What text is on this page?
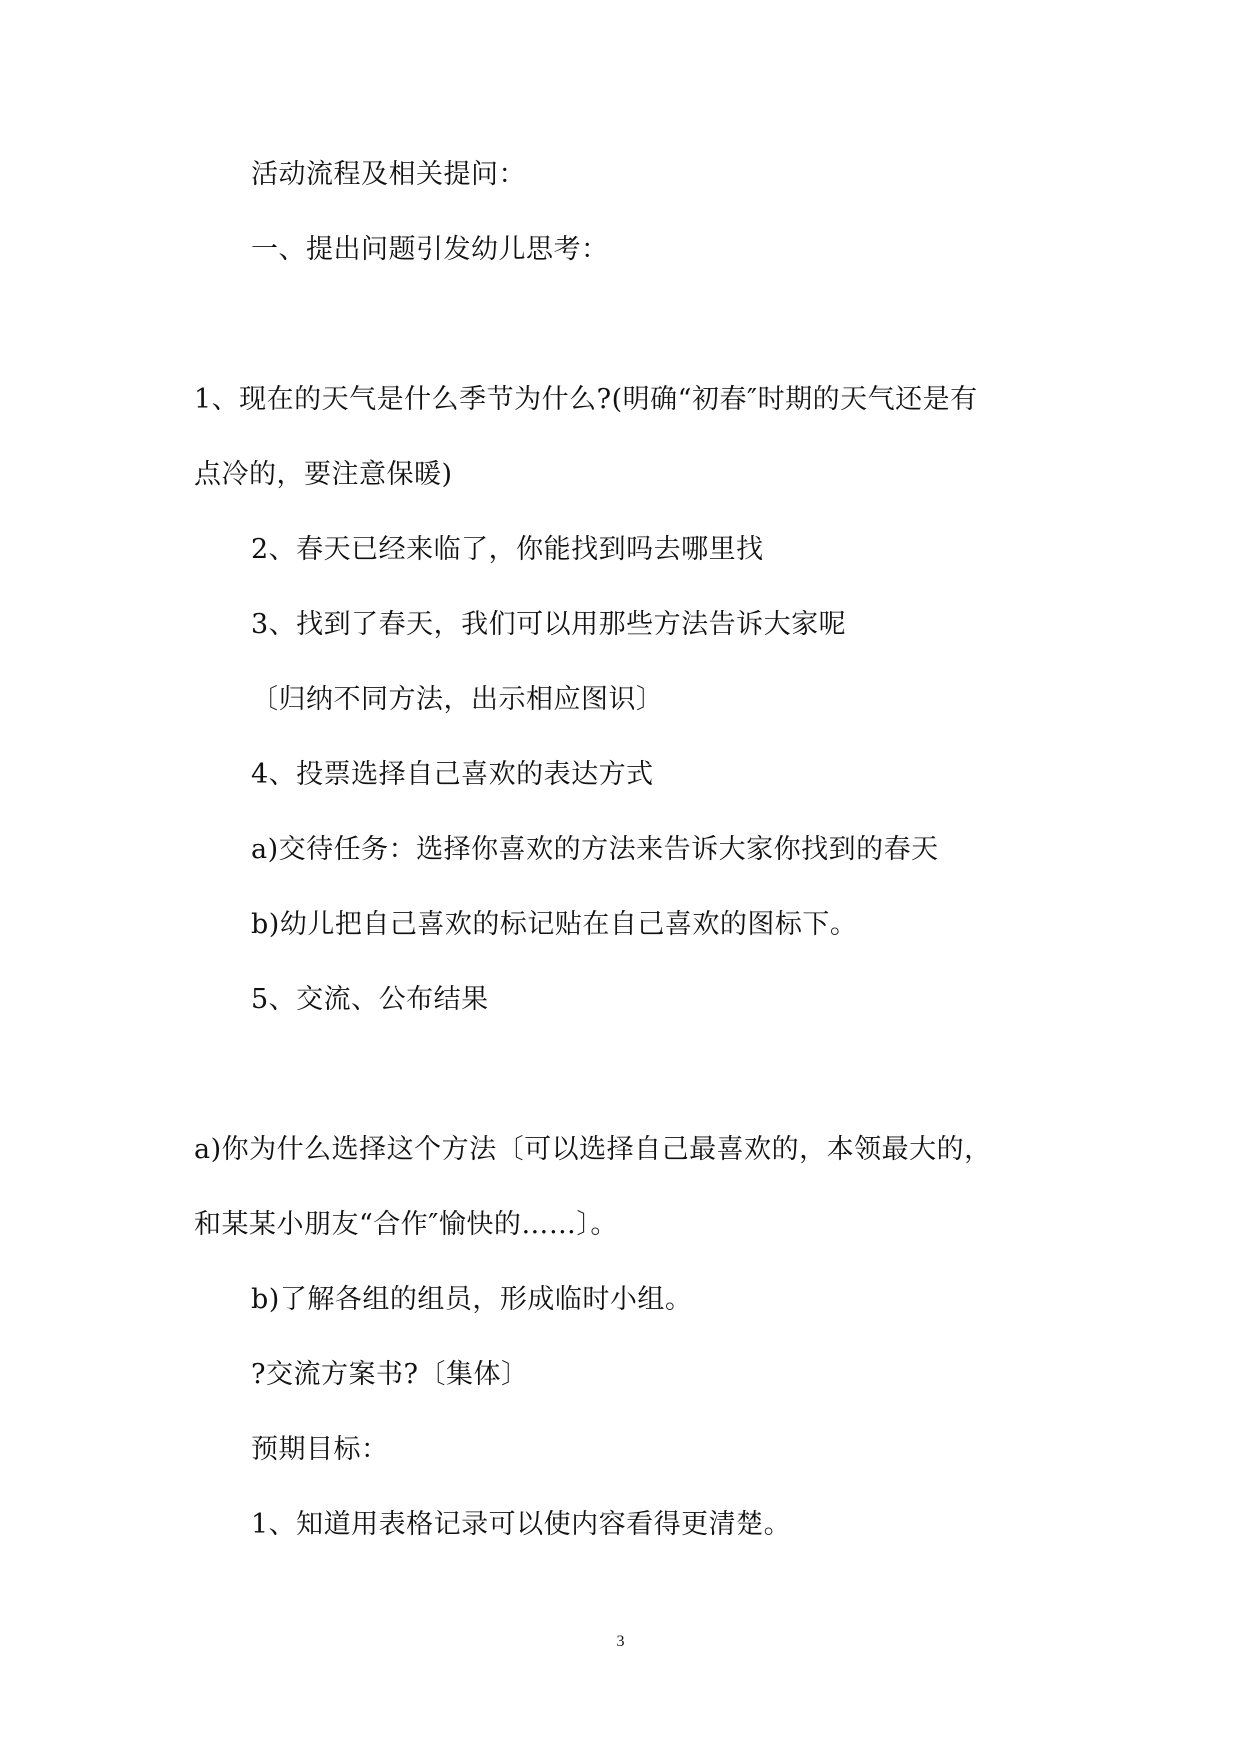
活动流程及相关提问：
一、提出问题引发幼儿思考：
1、现在的天气是什么季节为什么?(明确“初春″时期的天气还是有
点冷的，要注意保暖)
2、春天已经来临了，你能找到吗去哪里找
3、找到了春天，我们可以用那些方法告诉大家呢
〔归纳不同方法，出示相应图识〕
4、投票选择自己喜欢的表达方式
a)交待任务：选择你喜欢的方法来告诉大家你找到的春天
b)幼儿把自己喜欢的标记贴在自己喜欢的图标下。
5、交流、公布结果
a)你为什么选择这个方法〔可以选择自己最喜欢的，本领最大的，
和某某小朋友“合作″愉快的……〕。
b)了解各组的组员，形成临时小组。
?交流方案书?〔集体〕
预期目标：
1、知道用表格记录可以使内容看得更清楚。
3
